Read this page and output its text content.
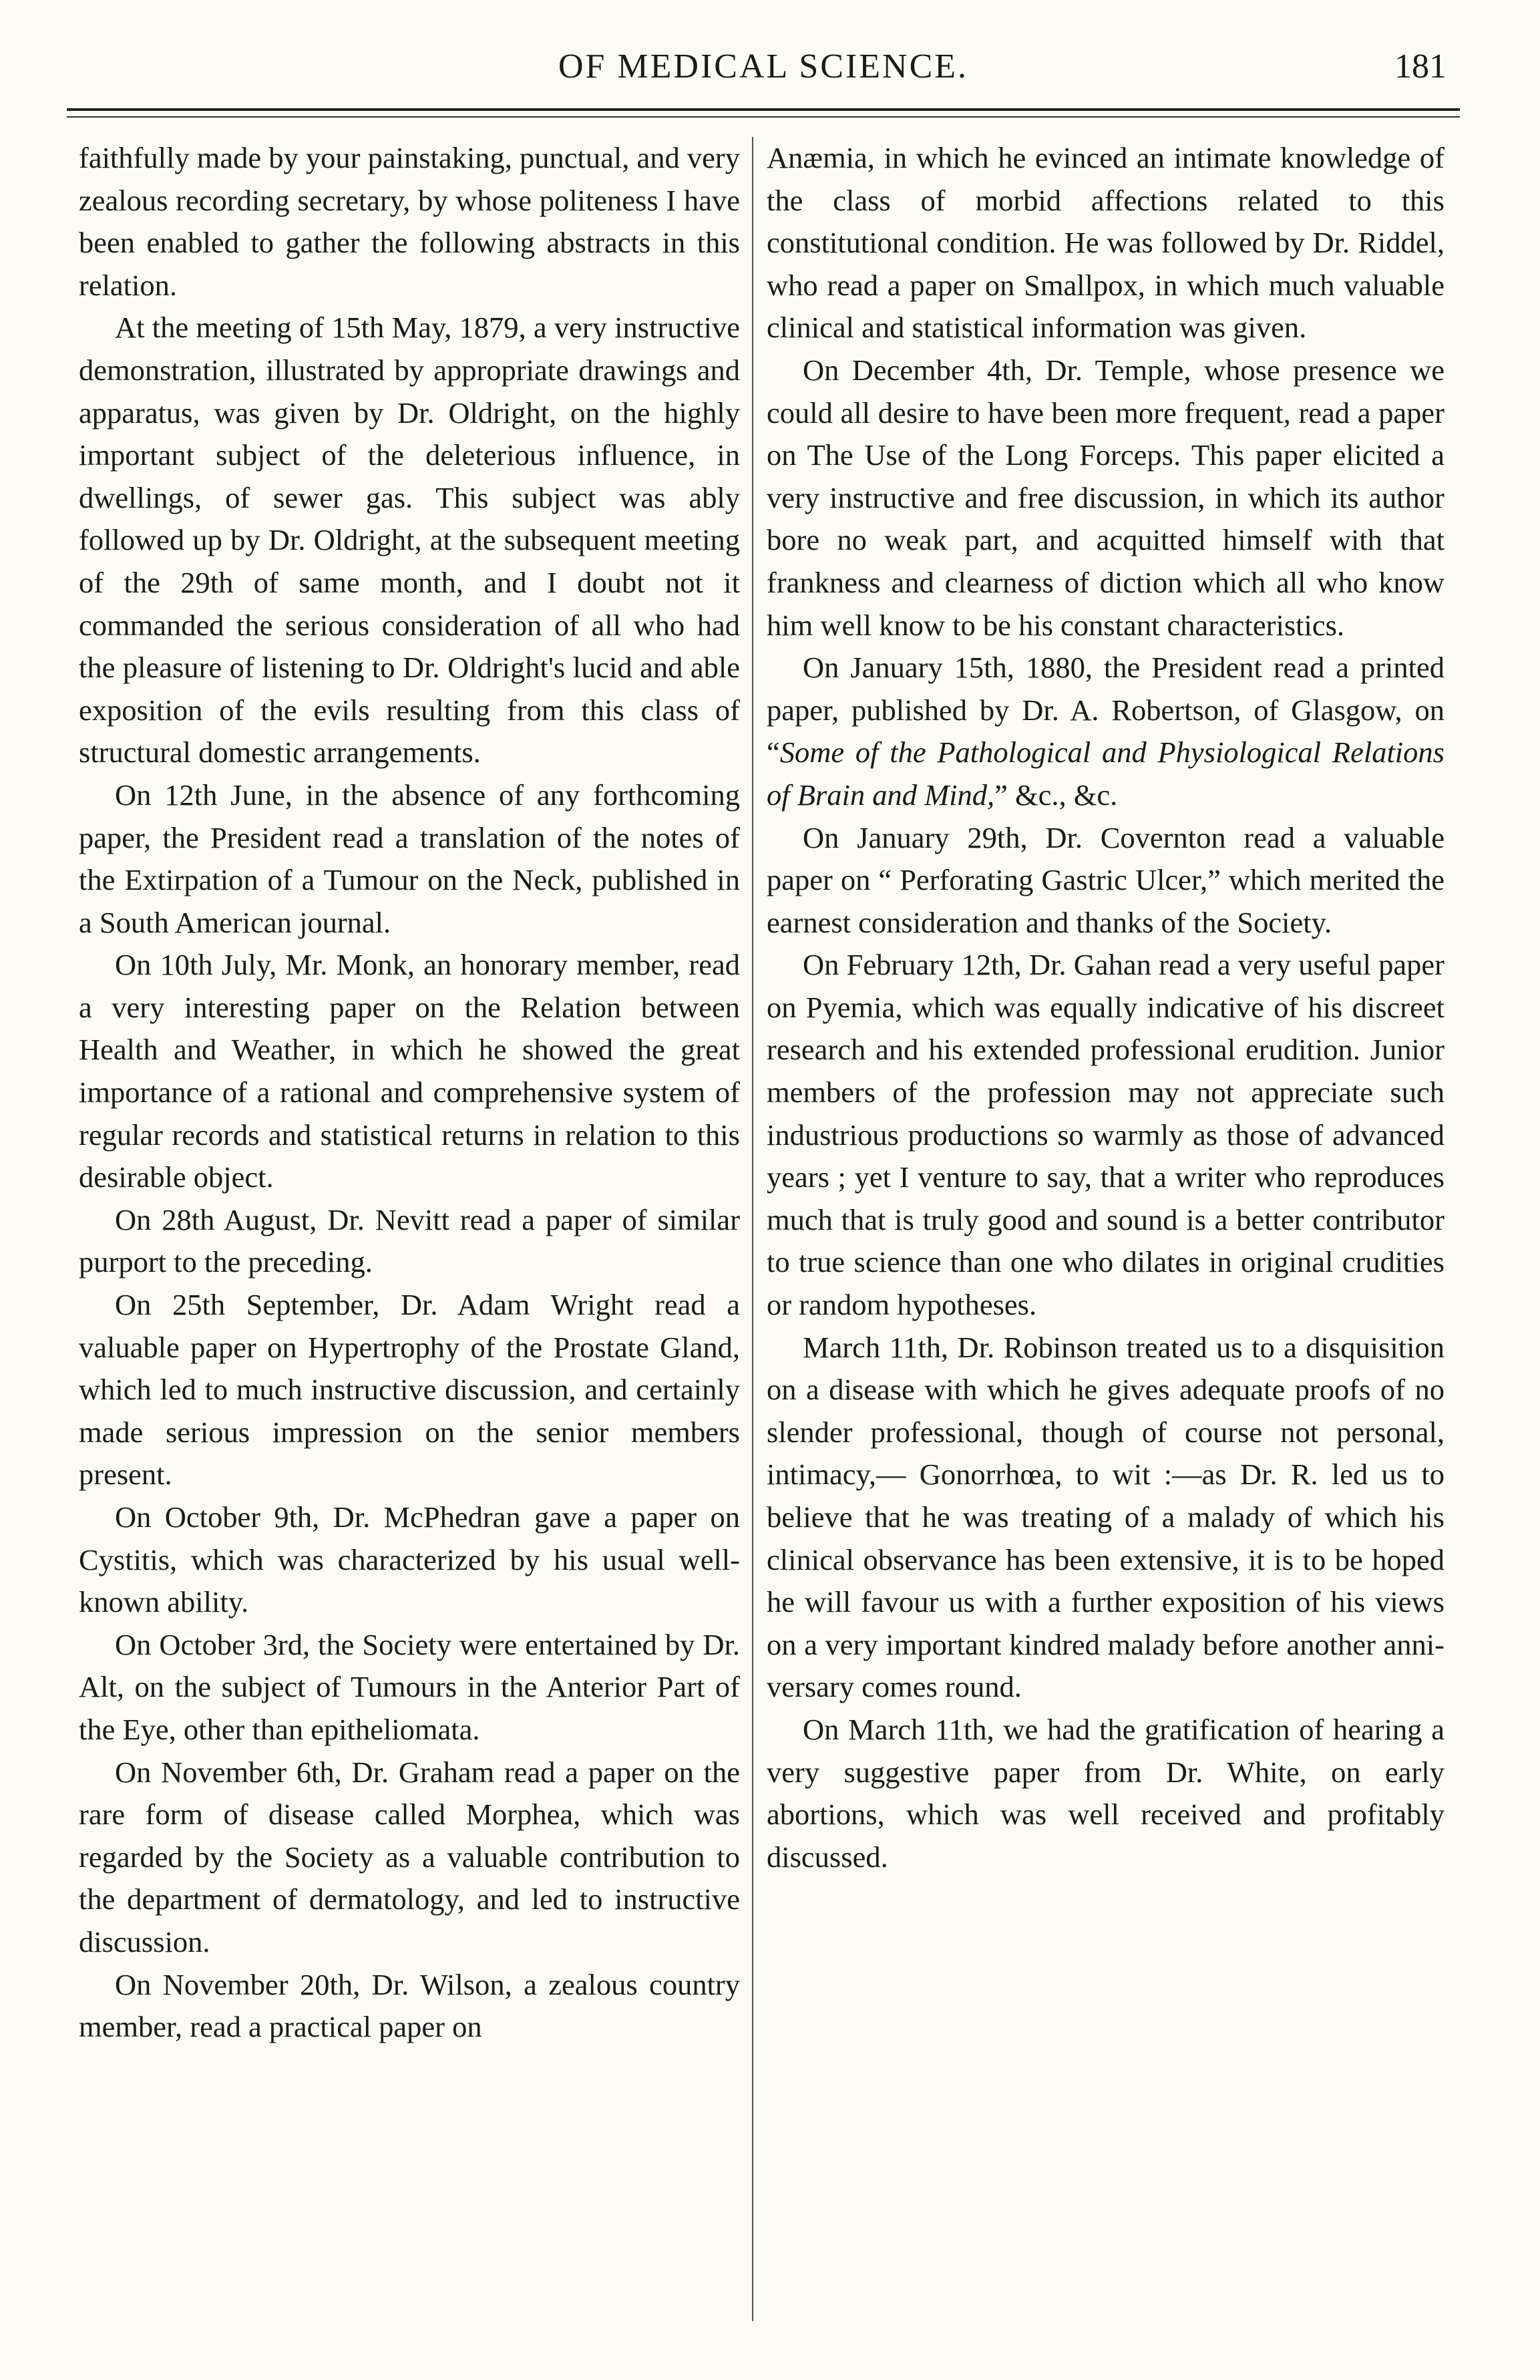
OF MEDICAL SCIENCE.	181

faithfully made by your painstaking, punctual, and very zealous recording secretary, by whose politeness I have been enabled to gather the following abstracts in this relation.

At the meeting of 15th May, 1879, a very instructive demonstration, illustrated by appropriate drawings and apparatus, was given by Dr. Oldright, on the highly important subject of the deleterious influence, in dwellings, of sewer gas. This subject was ably followed up by Dr. Oldright, at the subsequent meeting of the 29th of same month, and I doubt not it commanded the serious consideration of all who had the pleasure of listening to Dr. Oldright's lucid and able exposition of the evils resulting from this class of structural domestic arrangements.

On 12th June, in the absence of any forthcoming paper, the President read a translation of the notes of the Extirpation of a Tumour on the Neck, published in a South American journal.

On 10th July, Mr. Monk, an honorary member, read a very interesting paper on the Relation between Health and Weather, in which he showed the great importance of a rational and comprehensive system of regular records and statistical returns in relation to this desirable object.

On 28th August, Dr. Nevitt read a paper of similar purport to the preceding.

On 25th September, Dr. Adam Wright read a valuable paper on Hypertrophy of the Prostate Gland, which led to much instructive discussion, and certainly made serious impression on the senior members present.

On October 9th, Dr. McPhedran gave a paper on Cystitis, which was characterized by his usual well-known ability.

On October 3rd, the Society were entertained by Dr. Alt, on the subject of Tumours in the Anterior Part of the Eye, other than epitheliomata.

On November 6th, Dr. Graham read a paper on the rare form of disease called Morphea, which was regarded by the Society as a valuable contribution to the department of dermatology, and led to instructive discussion.

On November 20th, Dr. Wilson, a zealous country member, read a practical paper on

Anæmia, in which he evinced an intimate knowledge of the class of morbid affections related to this constitutional condition. He was followed by Dr. Riddel, who read a paper on Smallpox, in which much valuable clinical and statistical information was given.

On December 4th, Dr. Temple, whose presence we could all desire to have been more frequent, read a paper on The Use of the Long Forceps. This paper elicited a very instructive and free discussion, in which its author bore no weak part, and acquitted himself with that frankness and clearness of diction which all who know him well know to be his constant characteristics.

On January 15th, 1880, the President read a printed paper, published by Dr. A. Robertson, of Glasgow, on “Some of the Pathological and Physiological Relations of Brain and Mind,” &c., &c.

On January 29th, Dr. Covernton read a valuable paper on “ Perforating Gastric Ulcer,” which merited the earnest consideration and thanks of the Society.

On February 12th, Dr. Gahan read a very useful paper on Pyemia, which was equally indicative of his discreet research and his extended professional erudition. Junior members of the profession may not appreciate such industrious productions so warmly as those of advanced years ; yet I venture to say, that a writer who reproduces much that is truly good and sound is a better contributor to true science than one who dilates in original crudities or random hypotheses.

March 11th, Dr. Robinson treated us to a disquisition on a disease with which he gives adequate proofs of no slender professional, though of course not personal, intimacy,— Gonorrhœa, to wit :—as Dr. R. led us to believe that he was treating of a malady of which his clinical observance has been extensive, it is to be hoped he will favour us with a further exposition of his views on a very important kindred malady before another anniversary comes round.

On March 11th, we had the gratification of hearing a very suggestive paper from Dr. White, on early abortions, which was well received and profitably discussed.
